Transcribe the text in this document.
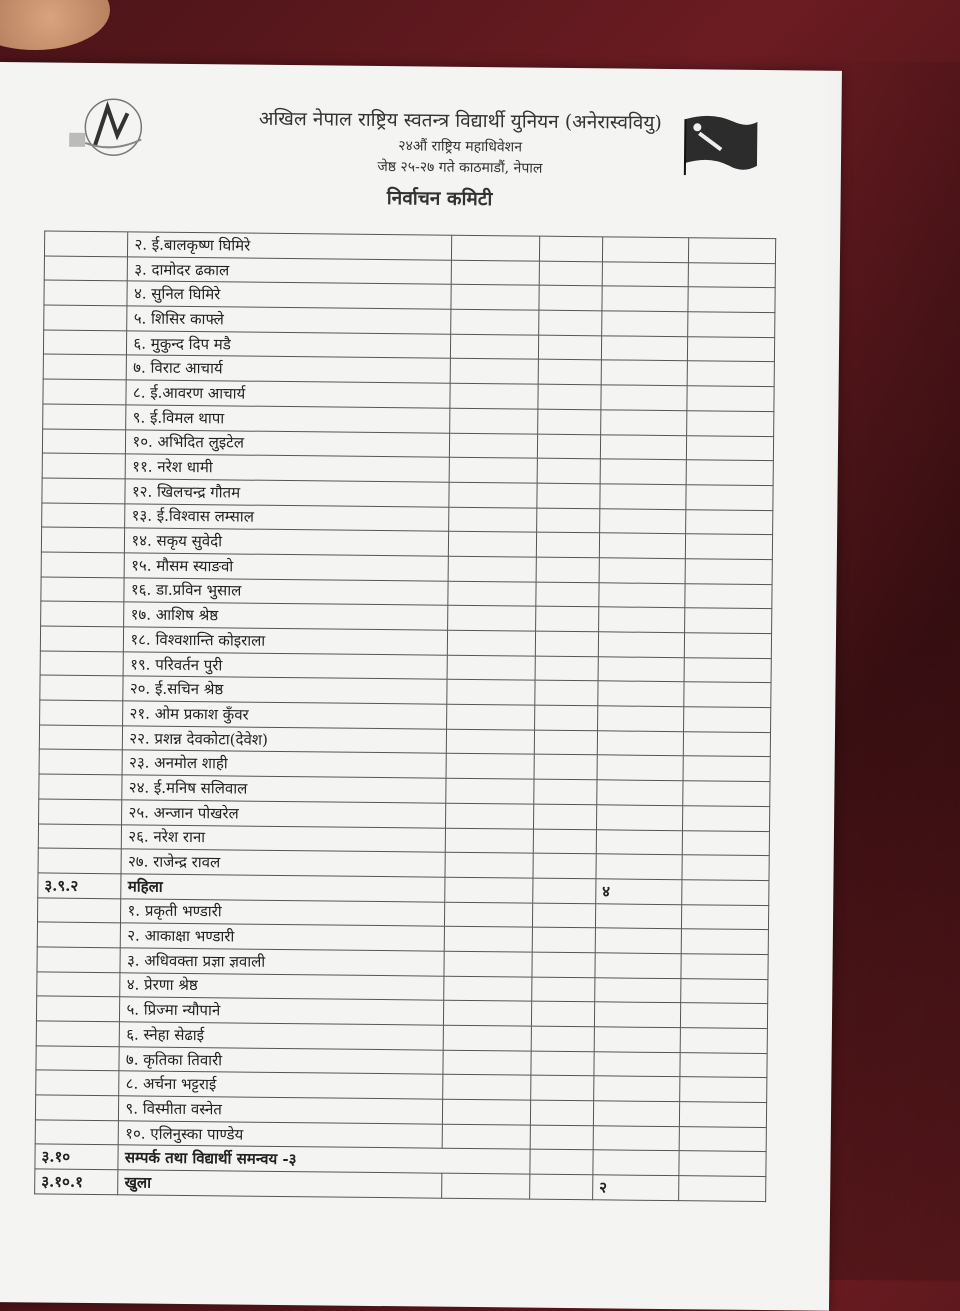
अखिल नेपाल राष्ट्रिय स्वतन्त्र विद्यार्थी युनियन (अनेरास्ववियु)
२४औं राष्ट्रिय महाधिवेशन
जेष्ठ २५-२७ गते काठमाडौं, नेपाल
निर्वाचन कमिटी
	२. ई.बालकृष्ण घिमिरे				
	३. दामोदर ढकाल				
	४. सुनिल घिमिरे				
	५. शिसिर काफ्ले				
	६. मुकुन्द दिप मडै				
	७. विराट आचार्य				
	८. ई.आवरण आचार्य				
	९. ई.विमल थापा				
	१०. अभिदित लुइटेल				
	११. नरेश धामी				
	१२. खिलचन्द्र गौतम				
	१३. ई.विश्वास लम्साल				
	१४. सकृय सुवेदी				
	१५. मौसम स्याङवो				
	१६. डा.प्रविन भुसाल				
	१७. आशिष श्रेष्ठ				
	१८. विश्वशान्ति कोइराला				
	१९. परिवर्तन पुरी				
	२०. ई.सचिन श्रेष्ठ				
	२१. ओम प्रकाश कुँवर				
	२२. प्रशन्न देवकोटा(देवेश)				
	२३. अनमोल शाही				
	२४. ई.मनिष सलिवाल				
	२५. अन्जान पोखरेल				
	२६. नरेश राना				
	२७. राजेन्द्र रावल				
३.९.२	महिला			४	
	१. प्रकृती भण्डारी				
	२. आकाक्षा भण्डारी				
	३. अधिवक्ता प्रज्ञा ज्ञवाली				
	४. प्रेरणा श्रेष्ठ				
	५. प्रिज्मा न्यौपाने				
	६. स्नेहा सेढाई				
	७. कृतिका तिवारी				
	८. अर्चना भट्टराई				
	९. विस्मीता वस्नेत				
	१०. एलिनुस्का पाण्डेय				
३.१०	सम्पर्क तथा विद्यार्थी समन्वय -३				
३.१०.१	खुला			२	
